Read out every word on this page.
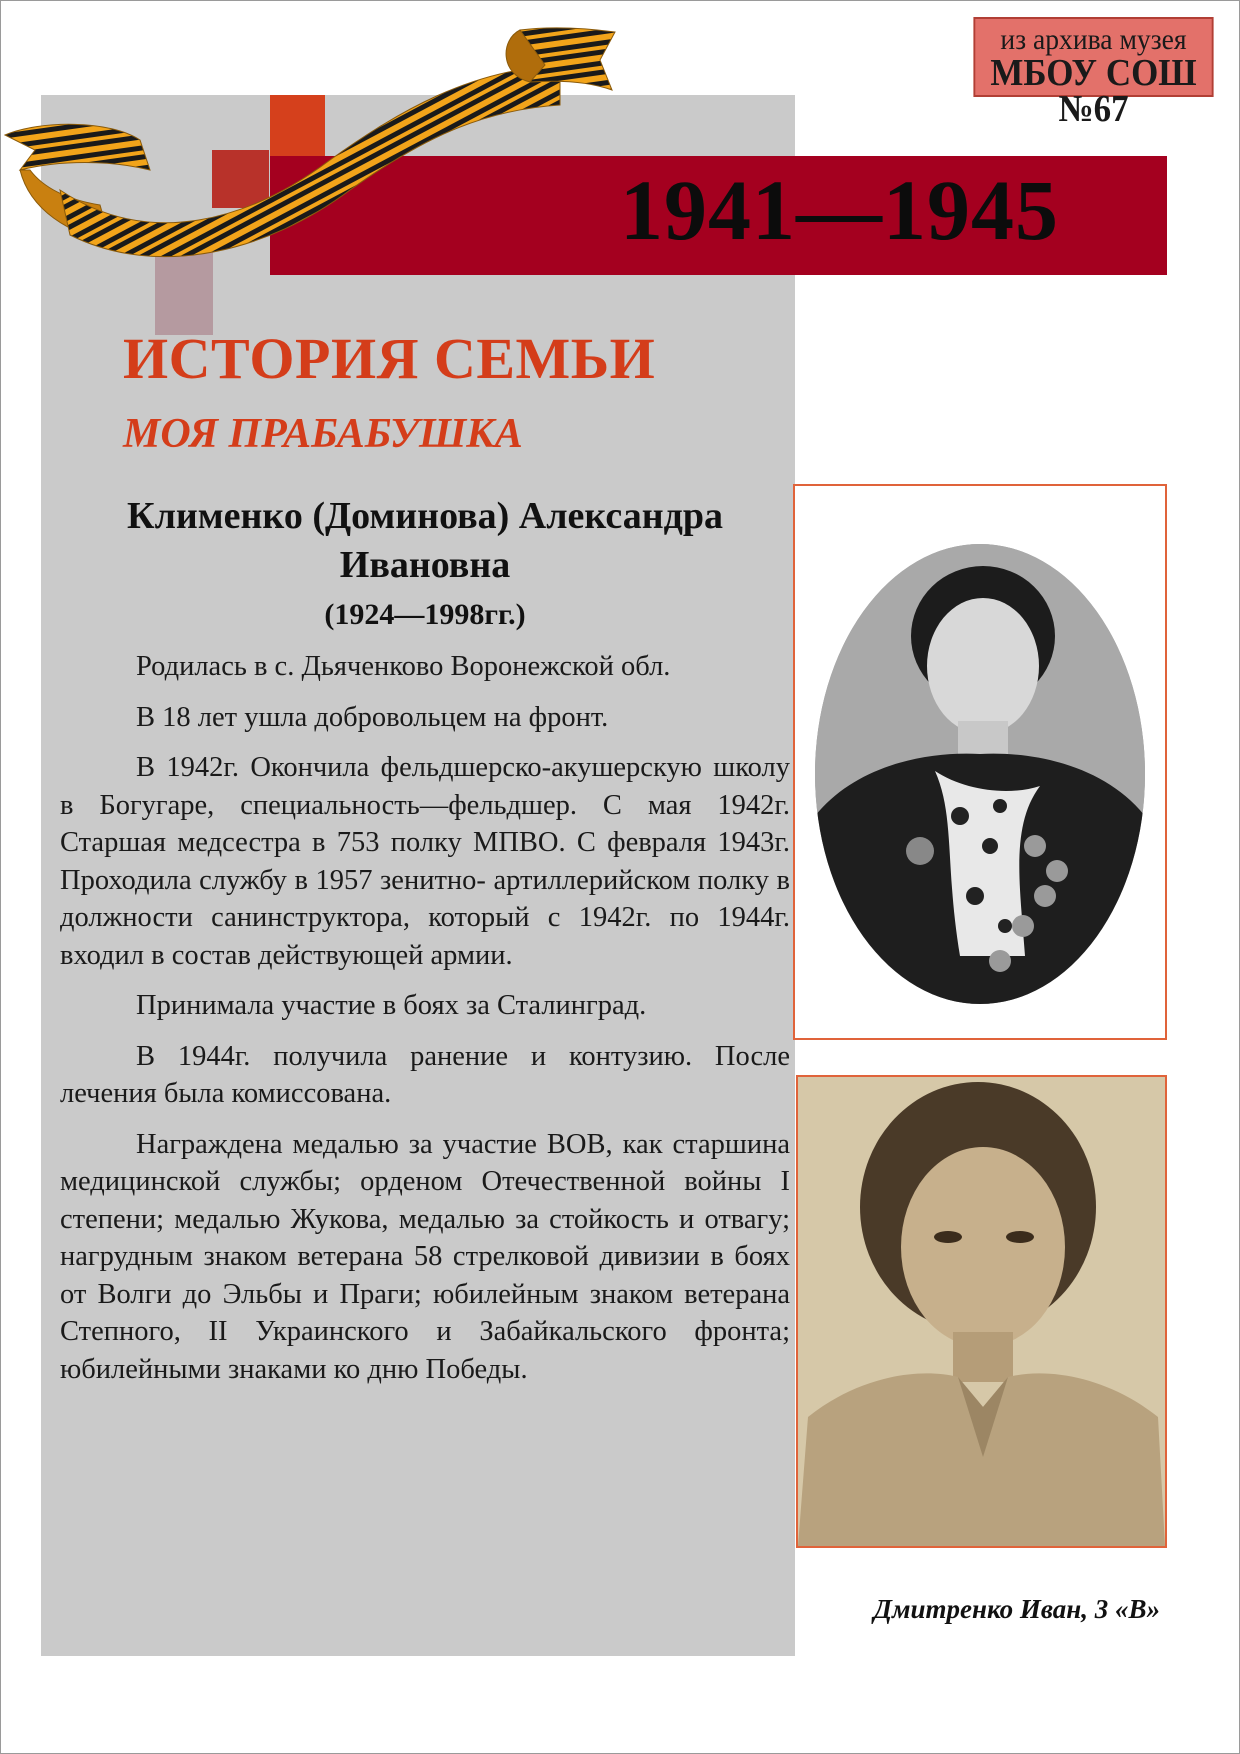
1941—1945
из архива музея
МБОУ СОШ №67
ИСТОРИЯ СЕМЬИ
МОЯ ПРАБАБУШКА
Клименко (Доминова) Александра Ивановна
(1924—1998гг.)

Родилась в с. Дьяченково Воронежской обл.

В 18 лет ушла добровольцем на фронт.

В 1942г. Окончила фельдшерско-акушерскую школу в Богугаре, специальность—фельдшер. С мая 1942г. Старшая медсестра в 753 полку МПВО. С февраля 1943г. Проходила службу в 1957 зенитно- артиллерийском полку в должности санинструктора, который с 1942г. по 1944г. входил в состав действующей армии.

Принимала участие в боях за Сталинград.

В 1944г. получила ранение и контузию. После лечения была комиссована.

Награждена медалью за участие ВОВ, как старшина медицинской службы; орденом Отечественной войны I степени; медалью Жукова, медалью за стойкость и отвагу; нагрудным знаком ветерана 58 стрелковой дивизии в боях от Волги до Эльбы и Праги; юбилейным знаком ветерана Степного, II Украинского и Забайкальского фронта; юбилейными знаками ко дню Победы.

Дмитренко Иван, 3 «В»
